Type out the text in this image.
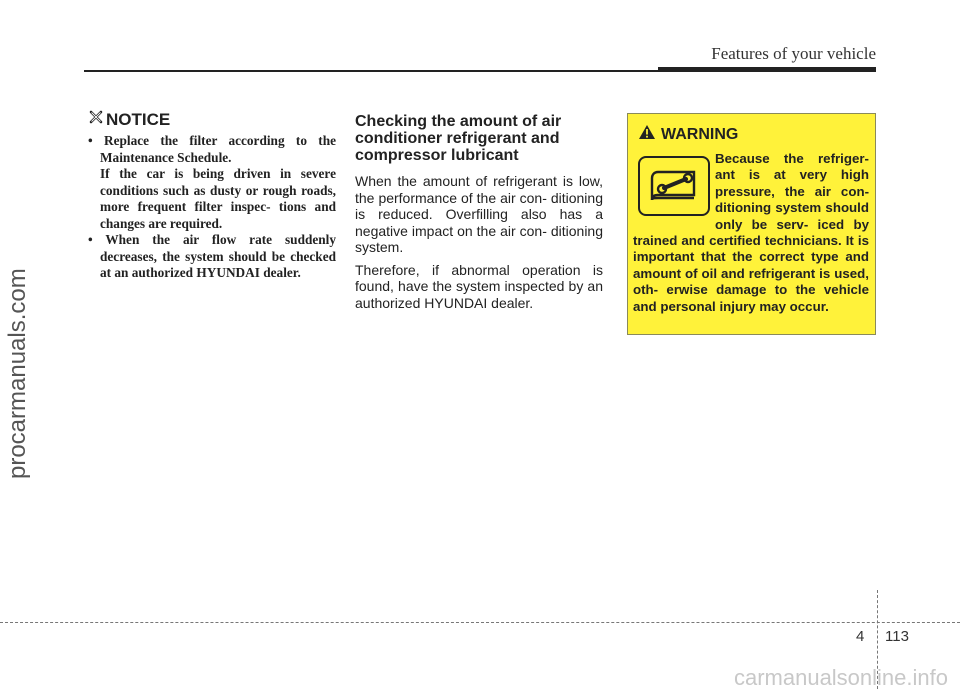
Features of your vehicle
NOTICE
• Replace the filter according to the Maintenance Schedule.
If the car is being driven in severe conditions such as dusty or rough roads, more frequent filter inspec- tions and changes are required.
• When the air flow rate suddenly decreases, the system should be checked at an authorized HYUNDAI dealer.
Checking the amount of air conditioner refrigerant and compressor lubricant

When the amount of refrigerant is low, the performance of the air con- ditioning is reduced. Overfilling also has a negative impact on the air con- ditioning system.

Therefore, if abnormal operation is found, have the system inspected by an authorized HYUNDAI dealer.

WARNING
Because the refriger- ant is at very high pressure, the air con- ditioning system should only be serv- iced by trained and certified technicians. It is important that the correct type and amount of oil and refrigerant is used, oth- erwise damage to the vehicle and personal injury may occur.
4 113
procarmanuals.com
carmanualsonline.info
